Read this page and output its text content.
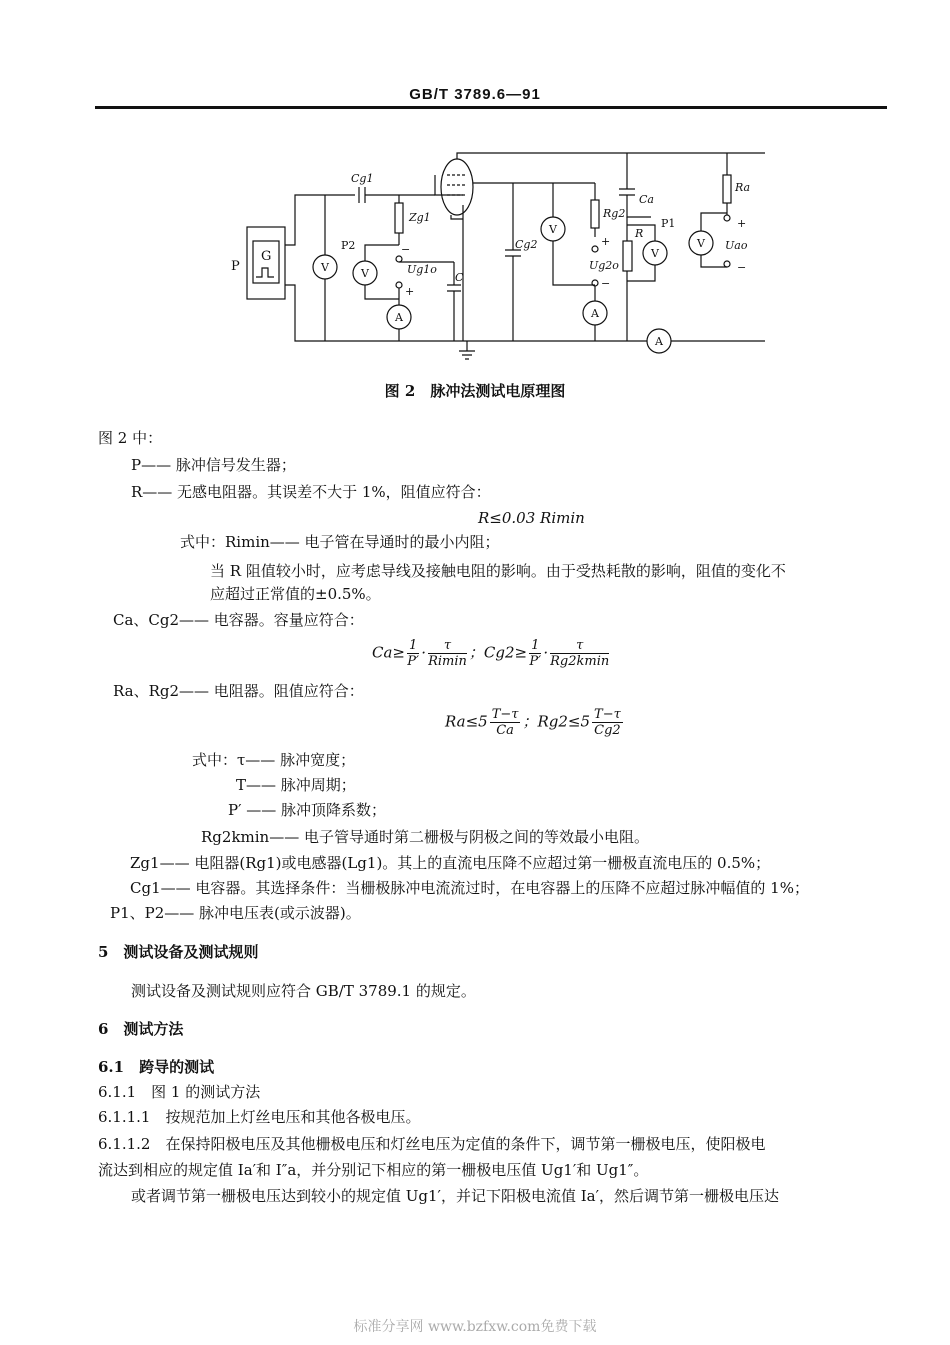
GB/T 3789.6—91
P
G
Cg1
V
Zg1
−
Ug1o
+
V
P2
A
C
Cg2
V
Rg2
+
Ug2o
−
A
Ca
R
V
P1
A
V
Ra
+
Uao
−
图 2　脉冲法测试电原理图
图 2 中：
P—— 脉冲信号发生器；
R—— 无感电阻器。其误差不大于 1%，阻值应符合：
R≤0.03 Rimin
式中：Rimin—— 电子管在导通时的最小内阻；
当 R 阻值较小时，应考虑导线及接触电阻的影响。由于受热耗散的影响，阻值的变化不
应超过正常值的±0.5%。
Ca、Cg2—— 电容器。容量应符合：
$Ca\ge \frac{1}{P'} \cdot \frac{\tau}{Rimin}$ ；$Cg2\ge \frac{1}{P'} \cdot \frac{\tau}{Rg2kmin}$
Ra、Rg2—— 电阻器。阻值应符合：
$Ra\le 5 \frac{T-\tau}{Ca}$ ；$Rg2\le 5 \frac{T-\tau}{Cg2}$
式中：τ—— 脉冲宽度；
T—— 脉冲周期；
P′ —— 脉冲顶降系数；
Rg2kmin—— 电子管导通时第二栅极与阴极之间的等效最小电阻。
Zg1—— 电阻器(Rg1)或电感器(Lg1)。其上的直流电压降不应超过第一栅极直流电压的 0.5%；
Cg1—— 电容器。其选择条件：当栅极脉冲电流流过时，在电容器上的压降不应超过脉冲幅值的 1%；
P1、P2—— 脉冲电压表(或示波器)。
5　测试设备及测试规则
测试设备及测试规则应符合 GB/T 3789.1 的规定。
6　测试方法
6.1　跨导的测试
6.1.1　图 1 的测试方法
6.1.1.1　按规范加上灯丝电压和其他各极电压。
6.1.1.2　在保持阳极电压及其他栅极电压和灯丝电压为定值的条件下，调节第一栅极电压，使阳极电
流达到相应的规定值 Ia′和 I″a，并分别记下相应的第一栅极电压值 Ug1′和 Ug1″。
或者调节第一栅极电压达到较小的规定值 Ug1′，并记下阳极电流值 Ia′，然后调节第一栅极电压达
标准分享网 www.bzfxw.com免费下载
